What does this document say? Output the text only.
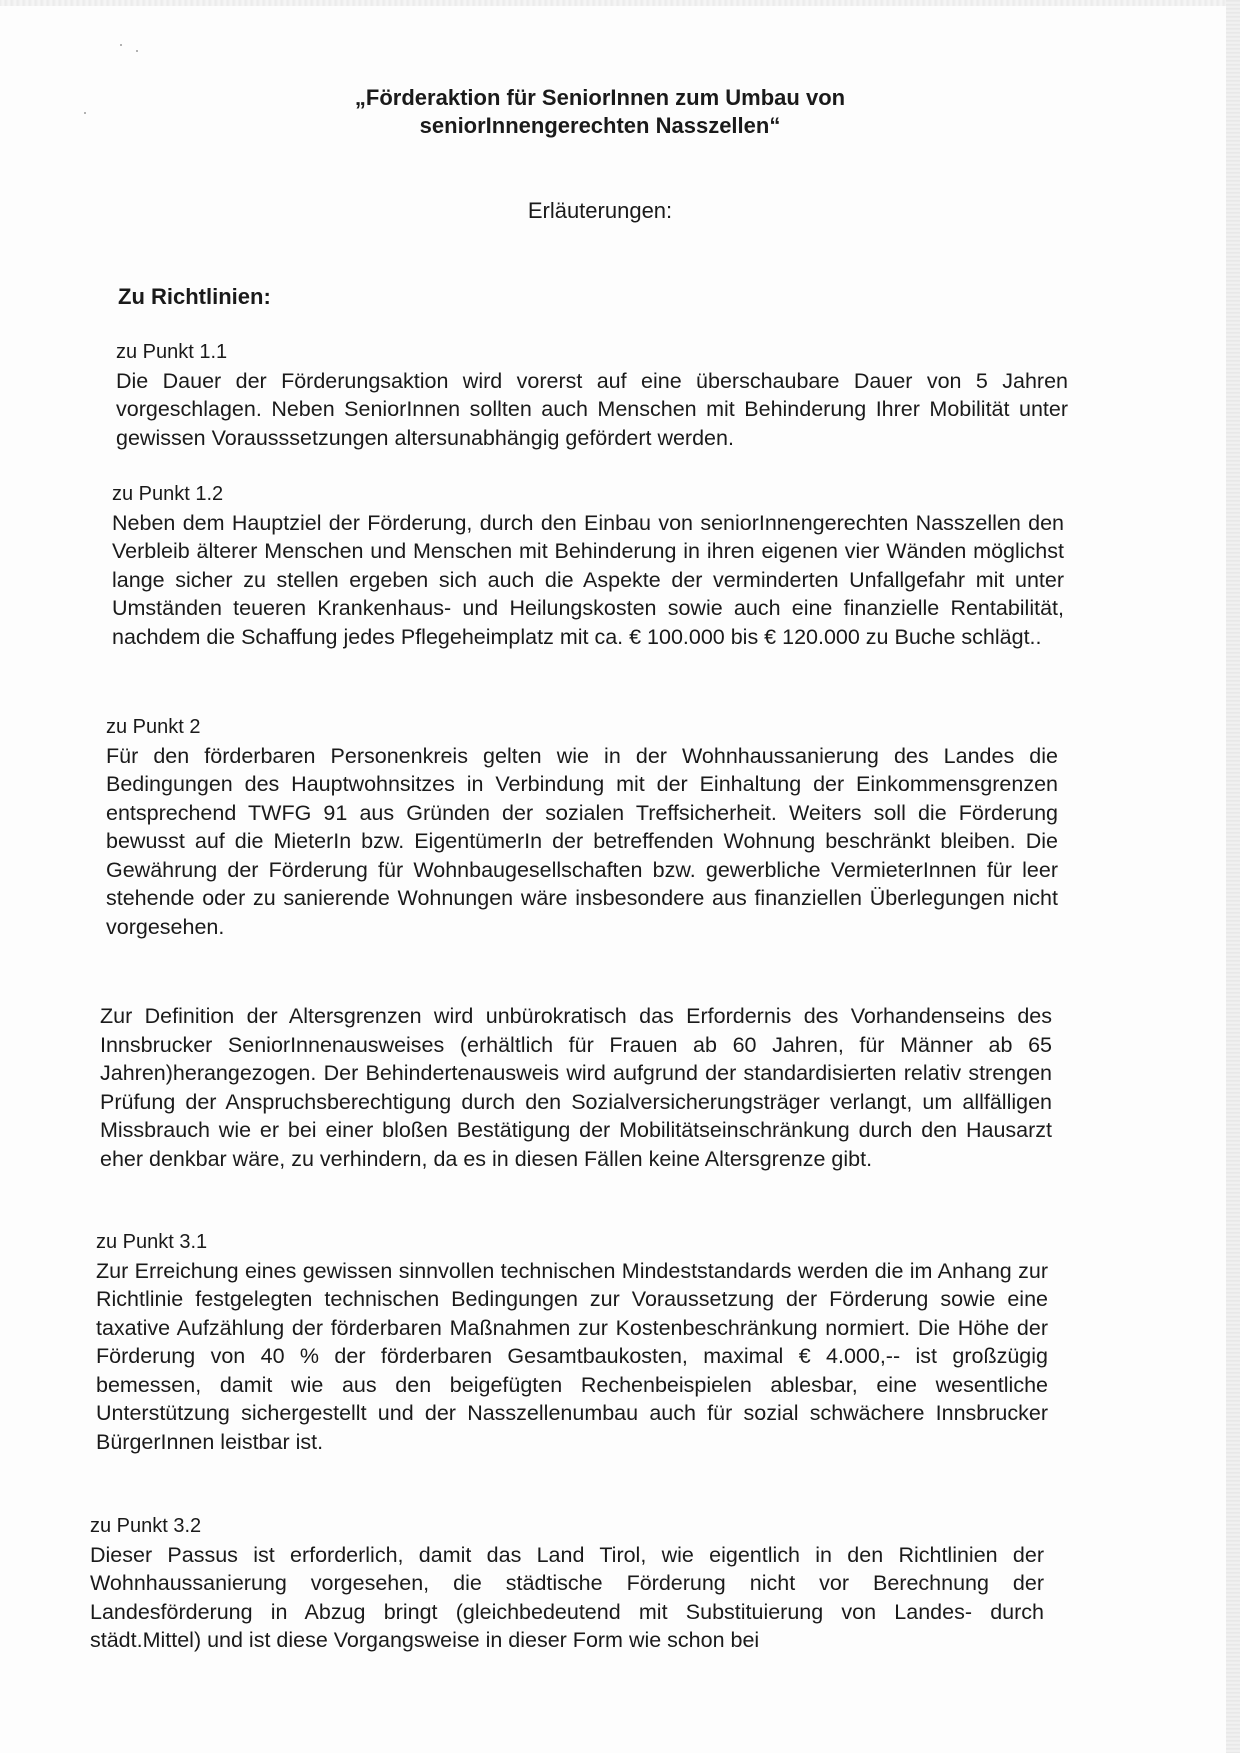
„Förderaktion für SeniorInnen zum Umbau von
seniorInnengerechten Nasszellen“
Erläuterungen:
Zu Richtlinien:
zu Punkt 1.1

Die Dauer der Förderungsaktion wird vorerst auf eine überschaubare Dauer von 5 Jahren vorgeschlagen. Neben SeniorInnen sollten auch Menschen mit Behinderung Ihrer Mobilität unter gewissen Vorausssetzungen altersunabhängig gefördert werden.

zu Punkt 1.2

Neben dem Hauptziel der Förderung, durch den Einbau von seniorInnengerechten Nasszellen den Verbleib älterer Menschen und Menschen mit Behinderung in ihren eigenen vier Wänden möglichst lange sicher zu stellen ergeben sich auch die Aspekte der verminderten Unfallgefahr mit unter Umständen teueren Krankenhaus- und Heilungskosten sowie auch eine finanzielle Rentabilität, nachdem die Schaffung jedes Pflegeheimplatz mit ca. € 100.000 bis € 120.000 zu Buche schlägt..

zu Punkt 2

Für den förderbaren Personenkreis gelten wie in der Wohnhaussanierung des Landes die Bedingungen des Hauptwohnsitzes in Verbindung mit der Einhaltung der Einkommensgrenzen entsprechend TWFG 91 aus Gründen der sozialen Treffsicherheit. Weiters soll die Förderung bewusst auf die MieterIn bzw. EigentümerIn der betreffenden Wohnung beschränkt bleiben. Die Gewährung der Förderung für Wohnbaugesellschaften bzw. gewerbliche VermieterInnen für leer stehende oder zu sanierende Wohnungen wäre insbesondere aus finanziellen Überlegungen nicht vorgesehen.

Zur Definition der Altersgrenzen wird unbürokratisch das Erfordernis des Vorhandenseins des Innsbrucker SeniorInnenausweises (erhältlich für Frauen ab 60 Jahren, für Männer ab 65 Jahren)herangezogen. Der Behindertenausweis wird aufgrund der standardisierten relativ strengen Prüfung der Anspruchsberechtigung durch den Sozialversicherungsträger verlangt, um allfälligen Missbrauch wie er bei einer bloßen Bestätigung der Mobilitätseinschränkung durch den Hausarzt eher denkbar wäre, zu verhindern, da es in diesen Fällen keine Altersgrenze gibt.

zu Punkt 3.1

Zur Erreichung eines gewissen sinnvollen technischen Mindeststandards werden die im Anhang zur Richtlinie festgelegten technischen Bedingungen zur Voraussetzung der Förderung sowie eine taxative Aufzählung der förderbaren Maßnahmen zur Kostenbeschränkung normiert. Die Höhe der Förderung von 40 % der förderbaren Gesamtbaukosten, maximal € 4.000,-- ist großzügig bemessen, damit wie aus den beigefügten Rechenbeispielen ablesbar, eine wesentliche Unterstützung sichergestellt und der Nasszellenumbau auch für sozial schwächere Innsbrucker BürgerInnen leistbar ist.

zu Punkt 3.2

Dieser Passus ist erforderlich, damit das Land Tirol, wie eigentlich in den Richtlinien der Wohnhaussanierung vorgesehen, die städtische Förderung nicht vor Berechnung der Landesförderung in Abzug bringt (gleichbedeutend mit Substituierung von Landes- durch städt.Mittel) und ist diese Vorgangsweise in dieser Form wie schon bei
